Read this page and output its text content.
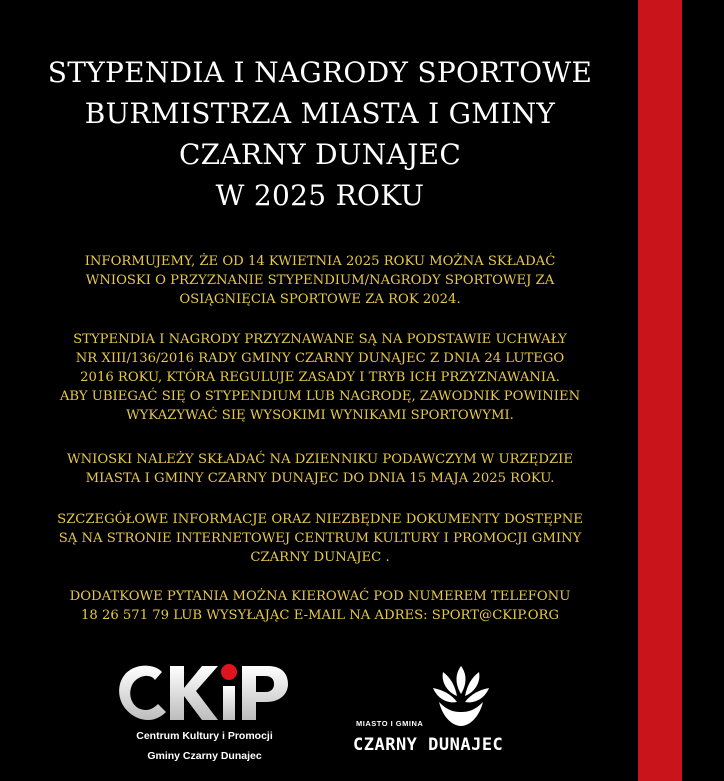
STYPENDIA I NAGRODY SPORTOWE
BURMISTRZA MIASTA I GMINY
CZARNY DUNAJEC
W 2025 ROKU

INFORMUJEMY, ŻE OD 14 KWIETNIA 2025 ROKU MOŻNA SKŁADAĆ
WNIOSKI O PRZYZNANIE STYPENDIUM/NAGRODY SPORTOWEJ ZA
OSIĄGNIĘCIA SPORTOWE ZA ROK 2024.

STYPENDIA I NAGRODY PRZYZNAWANE SĄ NA PODSTAWIE UCHWAŁY
NR XIII/136/2016 RADY GMINY CZARNY DUNAJEC Z DNIA 24 LUTEGO
2016 ROKU, KTÓRA REGULUJE ZASADY I TRYB ICH PRZYZNAWANIA.
ABY UBIEGAĆ SIĘ O STYPENDIUM LUB NAGRODĘ, ZAWODNIK POWINIEN
WYKAZYWAĆ SIĘ WYSOKIMI WYNIKAMI SPORTOWYMI.

WNIOSKI NALEŻY SKŁADAĆ NA DZIENNIKU PODAWCZYM W URZĘDZIE
MIASTA I GMINY CZARNY DUNAJEC DO DNIA 15 MAJA 2025 ROKU.

SZCZEGÓŁOWE INFORMACJE ORAZ NIEZBĘDNE DOKUMENTY DOSTĘPNE
SĄ NA STRONIE INTERNETOWEJ CENTRUM KULTURY I PROMOCJI GMINY
CZARNY DUNAJEC .

DODATKOWE PYTANIA MOŻNA KIEROWAĆ POD NUMEREM TELEFONU
18 26 571 79 LUB WYSYŁAJĄC E-MAIL NA ADRES: SPORT@CKIP.ORG

Centrum Kultury i Promocji

Gminy Czarny Dunajec

MIASTO I GMINA

CZARNY DUNAJEC
